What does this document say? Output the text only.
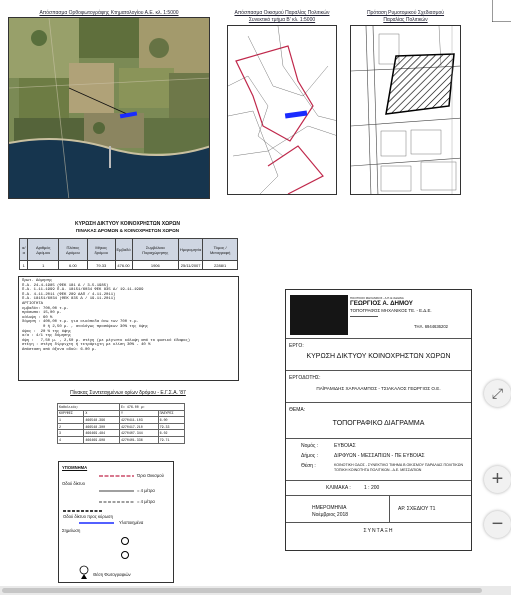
Απόσπασμα Ορθοφωτογράφης Κτηματολογίου Α.Ε. κλ. 1:5000	Απόσπασμα Οικισμού Παραλίας Πολιτικών
Συνεκτικό τμήμα Β' κλ. 1:5000
Πρόταση Ρυμοτομικού Σχεδιασμού
Παραλίας Πολιτικών
ΚΥΡΩΣΗ ΔΙΚΤΥΟΥ ΚΟΙΝΟΧΡΗΣΤΩΝ ΧΩΡΩΝ
ΠΙΝΑΚΑΣ ΔΡΟΜΩΝ & ΚΟΙΝΟΧΡΗΣΤΩΝ ΧΩΡΩΝ
α/α	Αριθμός Δρόμου	Πλάτος Δρόμου	Μήκος δρόμου	Εμβαδό	Συμβόλαιο Παραχώρησης	Ημερομηνία	Τόμος /Μεταγραφή
1	1	6.00	79.33	476.00	1906	25/11/2007	2288/1
Πρωτ. Δόμησης
Π.Δ. 24-4-1985 (ΦΕΚ 181 Δ / 3-5-1985)
Π.Δ. 1-11-1999 Π.Δ. 18151/6034 ΦΕΚ 835 Δ/ 19-11-1999
Π.Δ. 4-11-2011 (ΦΕΚ 289 ΑΑΠ / 4-11-2011)
Π.Δ. 18151/6034 (ΦΕΚ 835 Δ / 19-11-2011)
ΑΡΤΙΟΤΗΤΑ
εμβαδόν: 700,00 τ.μ.
πρόσωπο: 15,00 μ.
κάλυψη : 60 %
δόμηση : 400,00 τ.μ. για οικόπεδα άνω των 700 τ.μ.
0 ή 2,50 μ. , αναλόγως προσόψεων 30% της όψης
ύψος :  20 % της όψης
α/α : 4/1 της δόμησης
όψη :   7,50 μ. , 2,50 μ. στέγη (με μέγιστο κάλυψη από το φυσικό έδαφος)
στέγη : στέγη δίρριχτη ή τετράριχτη με κλίση 30% - 40 %
Απόσταση από άξονα οδού: 6.00 μ.
Πίνακας Συντεταγμένων ορίων δρόμου - Ε.Γ.Σ.Α. '87
Καθολικός:		Ε= 476.00 μ²	
ΚΟΡΥΦΕΣ	Χ	Υ	ΠΛΕΥΡΕΣ
1	466548.396	4270411.103	6.00
2	466548.300	4270417.210	79.33
3	466469.484	4270407.344	6.02
4	466469.908	4270401.336	79.71
ΥΠΟΜΝΗΜΑ
Όριο Οικισμού
Οδού δίκτυο
= 4 μέτρα
= 4 μέτρα
Οδού δίκτυο προς κύρωση
Υλοποιημένα
Σημείωση
Θέση Φωτογραφιών
ΠΟΛΙΤΙΚΟΣ ΜΗΧΑΝΙΚΟΣ - Α.Π.Θ./ΑΘΗΝΑ
ΓΕΩΡΓΙΟΣ Α. ΔΗΜΟΥ
ΤΟΠΟΓΡΑΦΟΣ ΜΗΧΑΝΙΚΟΣ ΤΕ. - Ε.Δ.Ε.
ΤΗΛ. 6944636202
ΕΡΓΟ:
ΚΥΡΩΣΗ ΔΙΚΤΥΟΥ ΚΟΙΝΟΧΡΗΣΤΩΝ ΧΩΡΩΝ
ΕΡΓΟΔΟΤΗΣ:
ΠΑΪΡΑΜΙΔΗΣ ΧΑΡΑΛΑΜΠΟΣ - ΤΣΙΑΚΑΛΟΣ ΓΕΩΡΓΙΟΣ Ο.Ε.
ΘΕΜΑ:
ΤΟΠΟΓΡΑΦΙΚΟ ΔΙΑΓΡΑΜΜΑ
Νομός :	ΕΥΒΟΙΑΣ
Δήμος :	ΔΙΡΦΥΩΝ - ΜΕΣΣΑΠΙΩΝ - ΠΕ ΕΥΒΟΙΑΣ
Θέση :	ΚΟΙΝΟΤΙΚΗ ΟΔΟΣ - ΣΥΝΕΚΤΙΚΟ ΤΜΗΜΑ Β ΟΙΚΙΣΜΟΥ ΠΑΡΑΛΙΑΣ ΠΟΛΙΤΙΚΩΝ
ΤΟΠΙΚΗ ΚΟΙΝΟΤΗΤΑ ΠΟΛΙΤΙΚΩΝ - Δ.Ε. ΜΕΣΣΑΠΙΩΝ
ΚΛΙΜΑΚΑ :	1 : 200
ΗΜΕΡΟΜΗΝΙΑ
Νοέμβριος 2018
ΑΡ. ΣΧΕΔΙΟΥ Τ1
ΣΥΝΤΑΞΗ
⤢
+
−
